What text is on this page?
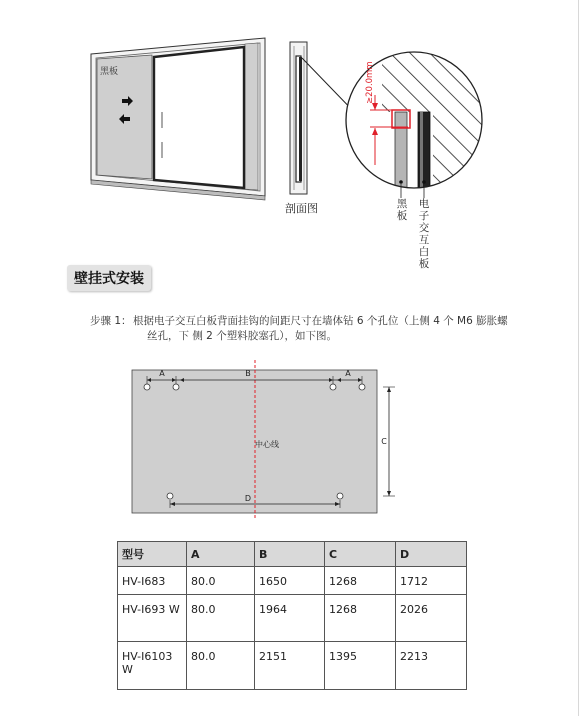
黑板
剖面图
≥20.0mm
黑板
电子交互白板
壁挂式安装
步骤 1： 根据电子交互白板背面挂钩的间距尺寸在墙体钻 6 个孔位（上侧 4 个 M6 膨胀螺
丝孔，下 侧 2 个塑料胶塞孔），如下图。
A	B	A
C
D
中心线
型号	A	B	C	D
HV-I683	80.0	1650	1268	1712
HV-I693 W	80.0	1964	1268	2026
HV-I6103 W	80.0	2151	1395	2213
